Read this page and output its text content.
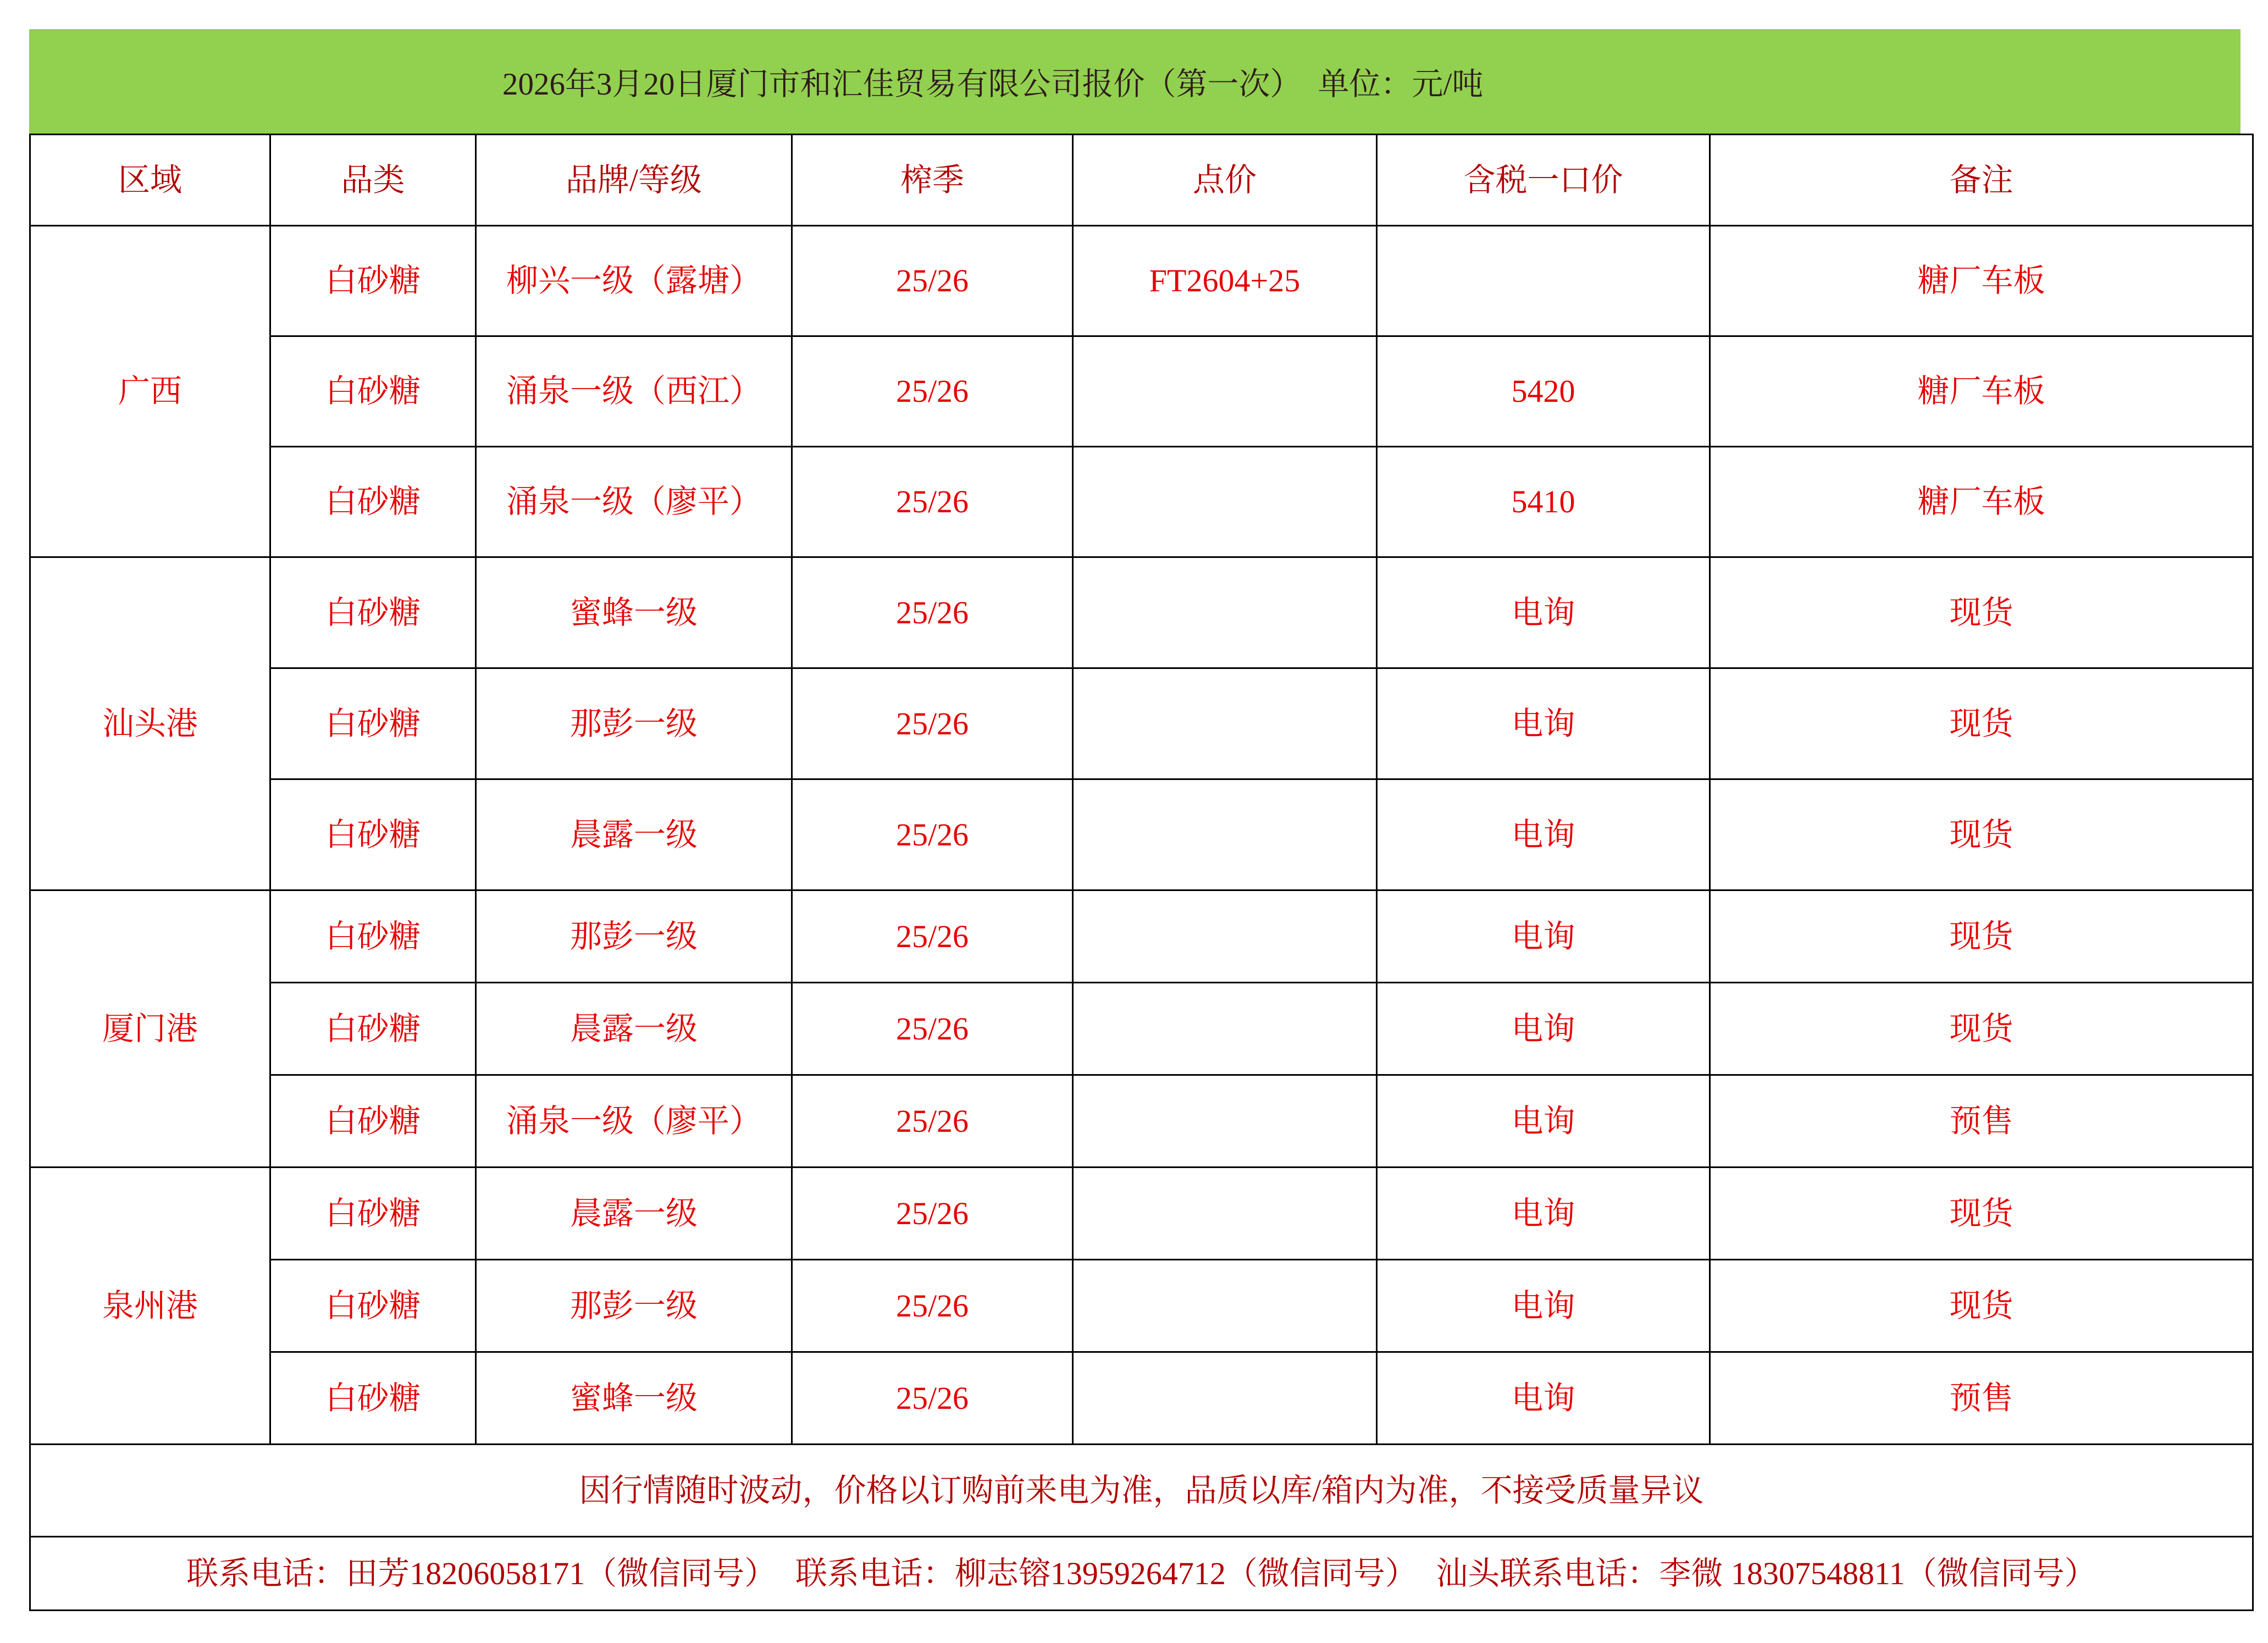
2026年3月20日厦门市和汇佳贸易有限公司报价（第一次） 单位：元/吨
区域	品类	品牌/等级	榨季	点价	含税一口价	备注
广西	白砂糖	柳兴一级（露塘）	25/26	FT2604+25		糖厂车板
	白砂糖	涌泉一级（西江）	25/26		5420	糖厂车板
	白砂糖	涌泉一级（廖平）	25/26		5410	糖厂车板
汕头港	白砂糖	蜜蜂一级	25/26		电询	现货
	白砂糖	那彭一级	25/26		电询	现货
	白砂糖	晨露一级	25/26		电询	现货
厦门港	白砂糖	那彭一级	25/26		电询	现货
	白砂糖	晨露一级	25/26		电询	现货
	白砂糖	涌泉一级（廖平）	25/26		电询	预售
泉州港	白砂糖	晨露一级	25/26		电询	现货
	白砂糖	那彭一级	25/26		电询	现货
	白砂糖	蜜蜂一级	25/26		电询	预售
因行情随时波动，价格以订购前来电为准，品质以库/箱内为准，不接受质量异议						
联系电话：田芳18206058171（微信同号） 联系电话：柳志镕13959264712（微信同号） 汕头联系电话：李微 18307548811（微信同号）						
